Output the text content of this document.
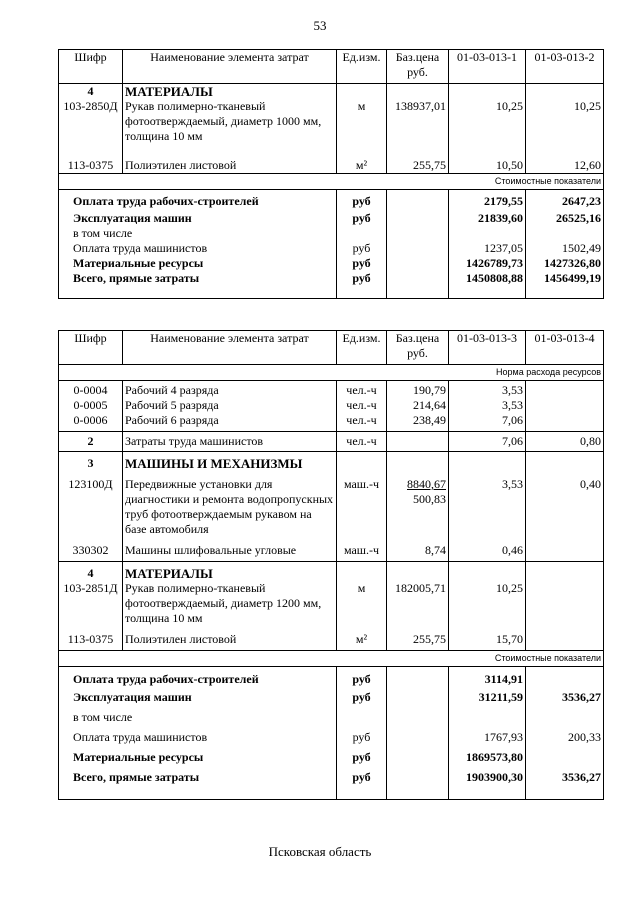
53
Шифр	Наименование элемента затрат	Ед.изм.	Баз.цена руб.	01-03-013-1	01-03-013-2
4	МАТЕРИАЛЫ				
103-2850Д	Рукав полимерно-тканевый фотоотверждаемый, диаметр 1000 мм, толщина 10 мм	м	138937,01	10,25	10,25
113-0375	Полиэтилен листовой	м²	255,75	10,50	12,60
Стоимостные показатели					
Оплата труда рабочих-строителей		руб		2179,55	2647,23
Эксплуатация машин		руб		21839,60	26525,16
в том числе					
Оплата труда машинистов		руб		1237,05	1502,49
Материальные ресурсы		руб		1426789,73	1427326,80
Всего, прямые затраты		руб		1450808,88	1456499,19
Шифр	Наименование элемента затрат	Ед.изм.	Баз.цена руб.	01-03-013-3	01-03-013-4
Норма расхода ресурсов					
0-0004	Рабочий 4 разряда	чел.-ч	190,79	3,53	
0-0005	Рабочий 5 разряда	чел.-ч	214,64	3,53	
0-0006	Рабочий 6 разряда	чел.-ч	238,49	7,06	
2	Затраты труда машинистов	чел.-ч		7,06	0,80
3	МАШИНЫ И МЕХАНИЗМЫ				
123100Д	Передвижные установки для диагностики и ремонта водопропускных труб фотоотверждаемым рукавом на базе автомобиля	маш.-ч	8840,67
500,83	3,53	0,40
330302	Машины шлифовальные угловые	маш.-ч	8,74	0,46	
4	МАТЕРИАЛЫ				
103-2851Д	Рукав полимерно-тканевый фотоотверждаемый, диаметр 1200 мм, толщина 10 мм	м	182005,71	10,25	
113-0375	Полиэтилен листовой	м²	255,75	15,70	
Стоимостные показатели					
Оплата труда рабочих-строителей		руб		3114,91	
Эксплуатация машин		руб		31211,59	3536,27
в том числе					
Оплата труда машинистов		руб		1767,93	200,33
Материальные ресурсы		руб		1869573,80	
Всего, прямые затраты		руб		1903900,30	3536,27
Псковская область
